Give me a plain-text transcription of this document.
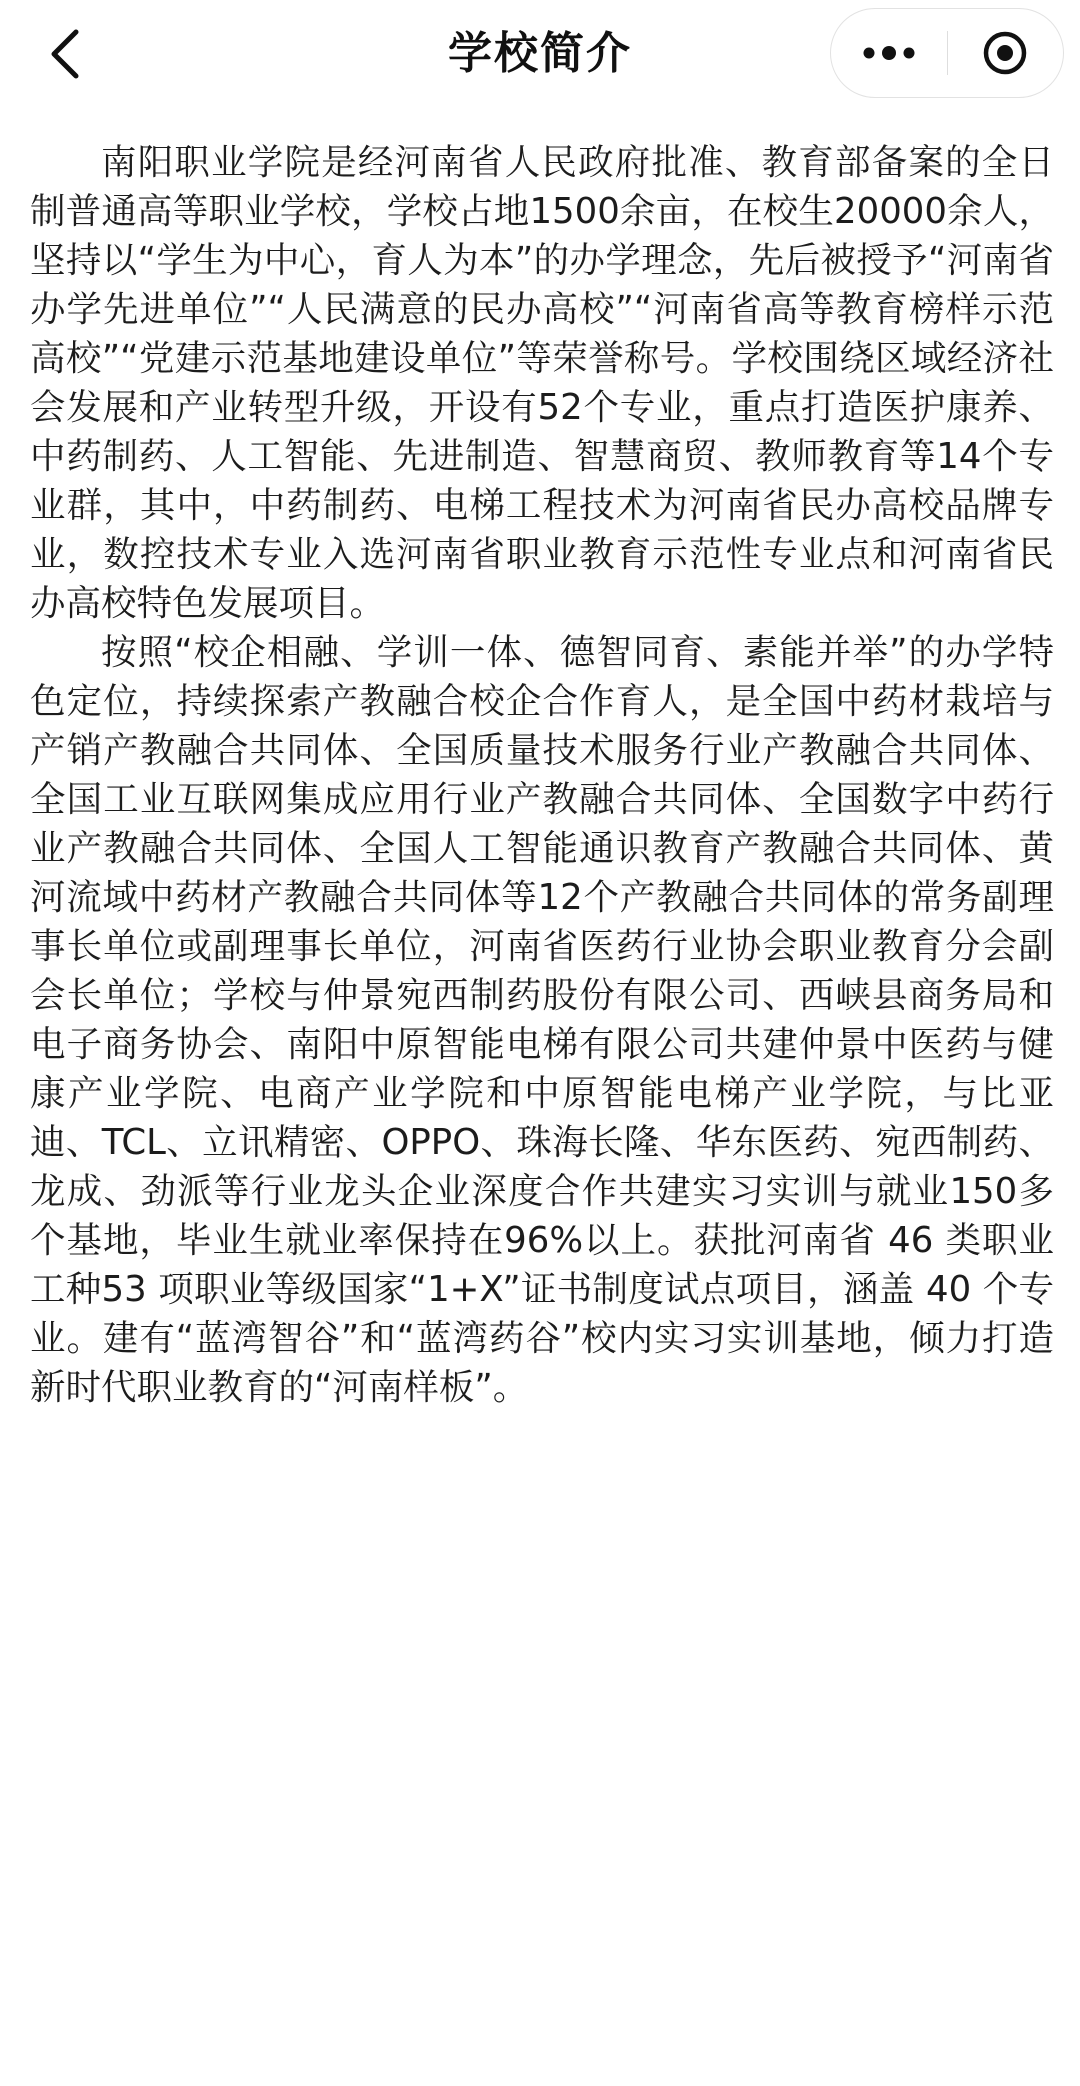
学校简介

南阳职业学院是经河南省人民政府批准、教育部备案的全日制普通高等职业学校，学校占地1500余亩，在校生20000余人，坚持以“学生为中心，育人为本”的办学理念，先后被授予“河南省办学先进单位”“人民满意的民办高校”“河南省高等教育榜样示范高校”“党建示范基地建设单位”等荣誉称号。学校围绕区域经济社会发展和产业转型升级，开设有52个专业，重点打造医护康养、中药制药、人工智能、先进制造、智慧商贸、教师教育等14个专业群，其中，中药制药、电梯工程技术为河南省民办高校品牌专业，数控技术专业入选河南省职业教育示范性专业点和河南省民办高校特色发展项目。

按照“校企相融、学训一体、德智同育、素能并举”的办学特色定位，持续探索产教融合校企合作育人，是全国中药材栽培与产销产教融合共同体、全国质量技术服务行业产教融合共同体、全国工业互联网集成应用行业产教融合共同体、全国数字中药行业产教融合共同体、全国人工智能通识教育产教融合共同体、黄河流域中药材产教融合共同体等12个产教融合共同体的常务副理事长单位或副理事长单位，河南省医药行业协会职业教育分会副会长单位；学校与仲景宛西制药股份有限公司、西峡县商务局和电子商务协会、南阳中原智能电梯有限公司共建仲景中医药与健康产业学院、电商产业学院和中原智能电梯产业学院，与比亚迪、TCL、立讯精密、OPPO、珠海长隆、华东医药、宛西制药、龙成、劲派等行业龙头企业深度合作共建实习实训与就业150多个基地，毕业生就业率保持在96%以上。获批河南省 46 类职业工种53 项职业等级国家“1+X”证书制度试点项目，涵盖 40 个专业。建有“蓝湾智谷”和“蓝湾药谷”校内实习实训基地，倾力打造新时代职业教育的“河南样板”。
